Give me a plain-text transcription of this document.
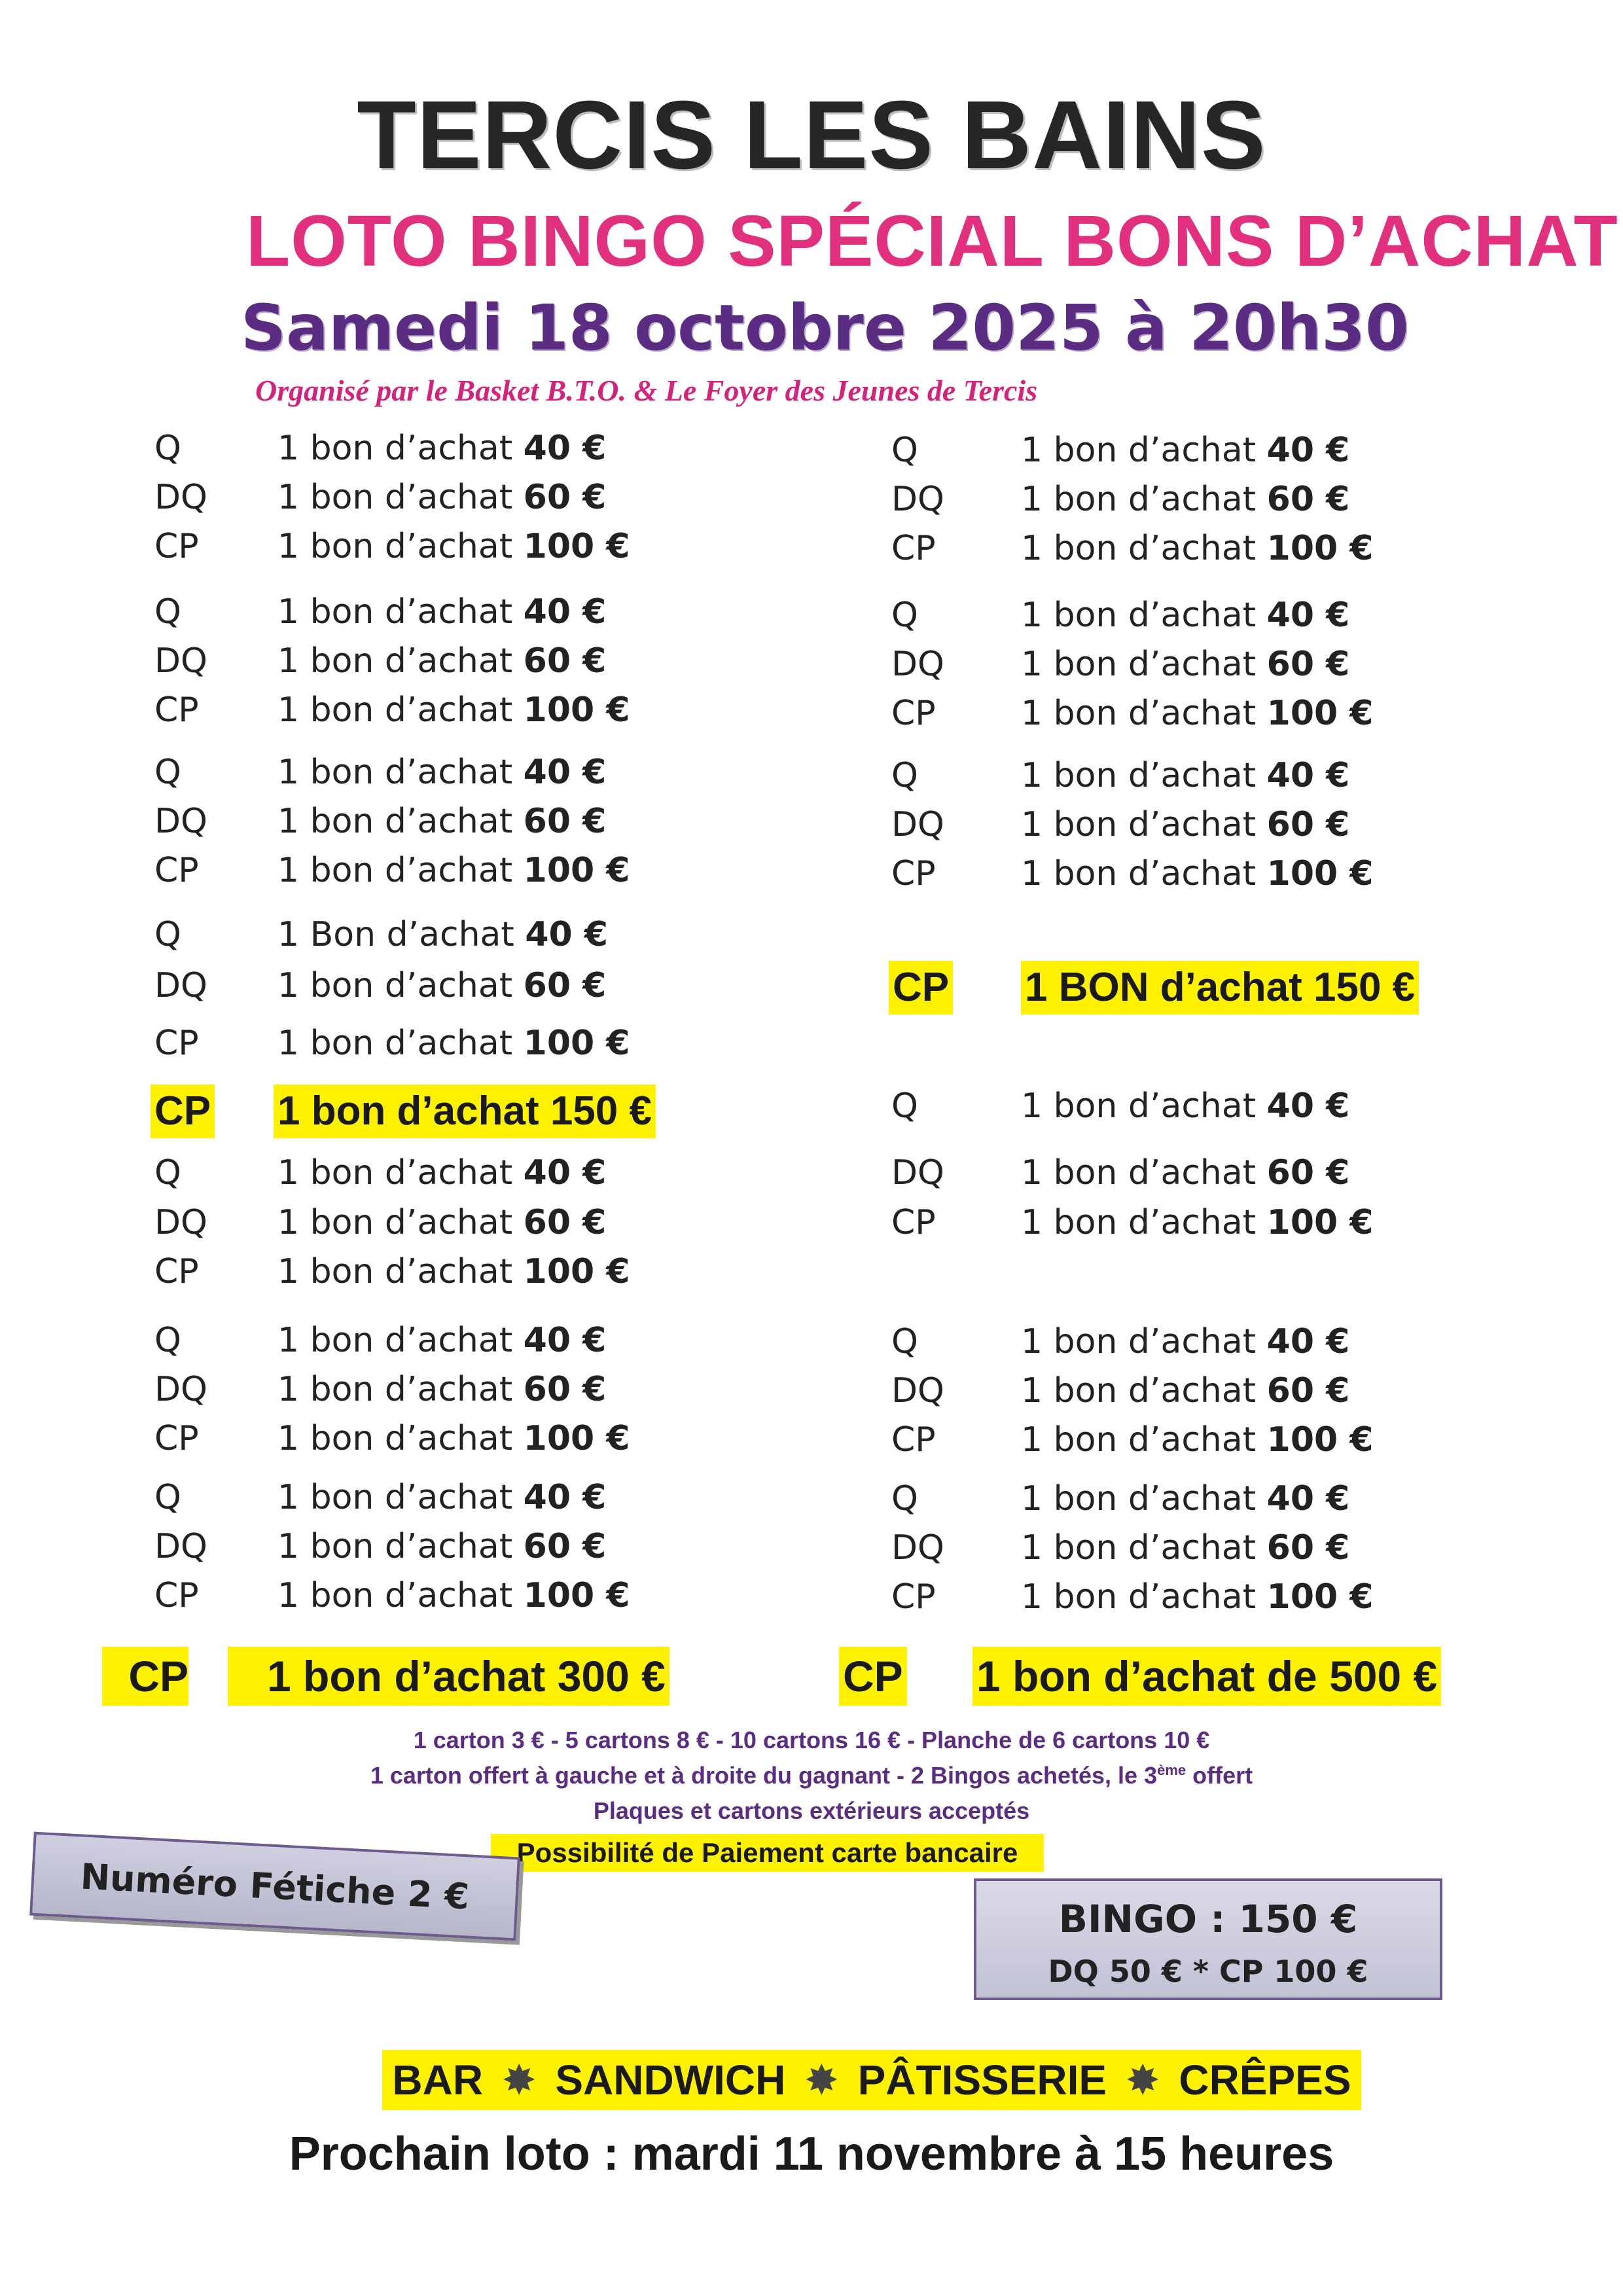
TERCIS LES BAINS
LOTO BINGO SPÉCIAL BONS D’ACHAT
Samedi 18 octobre 2025 à 20h30
Organisé par le Basket B.T.O. & Le Foyer des Jeunes de Tercis
Q	1 bon d’achat 40 €
DQ 1 bon d’achat 60 €
CP 1 bon d’achat 100 €
Q	1 bon d’achat 40 €
DQ 1 bon d’achat 60 €
CP 1 bon d’achat 100 €
Q	1 bon d’achat 40 €
DQ 1 bon d’achat 60 €
CP 1 bon d’achat 100 €
Q	1 Bon d’achat 40 €
DQ 1 bon d’achat 60 €
CP 1 bon d’achat 100 €
Q	1 bon d’achat 40 €
DQ 1 bon d’achat 60 €
CP 1 bon d’achat 100 €
Q	1 bon d’achat 40 €
DQ 1 bon d’achat 60 €
CP 1 bon d’achat 100 €
Q	1 bon d’achat 40 €
DQ 1 bon d’achat 60 €
CP 1 bon d’achat 100 €
Q	1 bon d’achat 40 €
DQ 1 bon d’achat 60 €
CP	1 bon d’achat 100 €
Q	1 bon d’achat 40 €
DQ 1 bon d’achat 60 €
CP	1 bon d’achat 100 €
Q	1 bon d’achat 40 €
DQ 1 bon d’achat 60 €
CP	1 bon d’achat 100 €
Q	1 bon d’achat 40 €
DQ 1 bon d’achat 60 €
CP	1 bon d’achat 100 €
Q	1 bon d’achat 40 €
DQ 1 bon d’achat 60 €
CP	1 bon d’achat 100 €
Q	1 bon d’achat 40 €
DQ 1 bon d’achat 60 €
CP	1 bon d’achat 100 €
CP 1 bon d’achat 150 €
CP 1 BON d’achat 150 €
CP	1 bon d’achat 300 €	CP 1 bon d’achat de 500 €
1 carton 3 € - 5 cartons 8 € - 10 cartons 16 € - Planche de 6 cartons 10 €
1 carton offert à gauche et à droite du gagnant - 2 Bingos achetés, le 3ème offert
Plaques et cartons extérieurs acceptés
Possibilité de Paiement carte bancaire
Numéro Fétiche 2 €
BINGO : 150 €
DQ 50 € * CP 100 €
BAR ✸ SANDWICH ✸ PÂTISSERIE ✸ CRÊPES
Prochain loto : mardi 11 novembre à 15 heures
